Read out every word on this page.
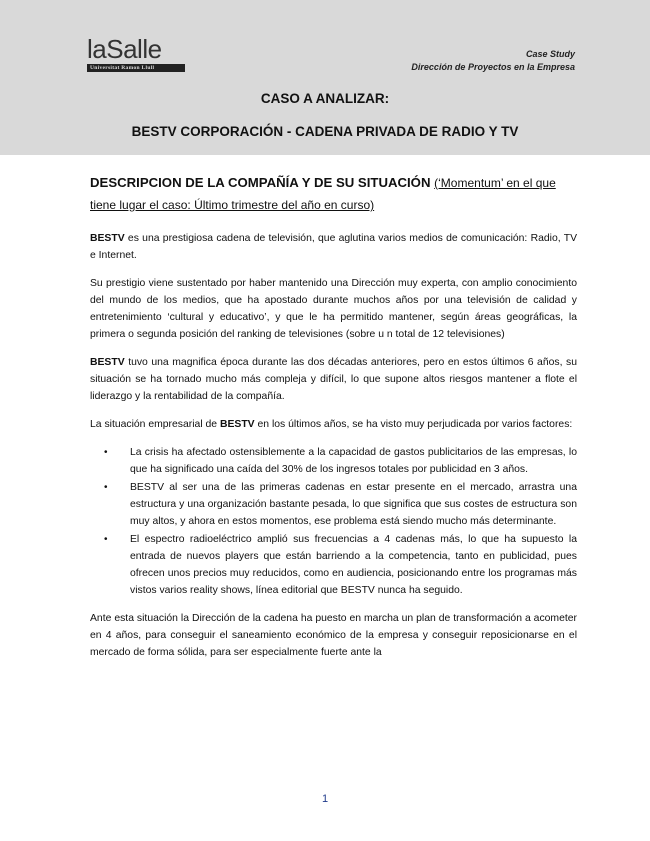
laSalle
Universitat Ramon Llull
Case Study
Dirección de Proyectos en la Empresa
CASO A ANALIZAR:
BESTV CORPORACIÓN - CADENA PRIVADA DE RADIO Y TV
DESCRIPCION DE LA COMPAÑÍA Y DE SU SITUACIÓN (‘Momentum’ en el que tiene lugar el caso: Último trimestre del año en curso)

BESTV es una prestigiosa cadena de televisión, que aglutina varios medios de comunicación: Radio, TV e Internet.

Su prestigio viene sustentado por haber mantenido una Dirección muy experta, con amplio conocimiento del mundo de los medios, que ha apostado durante muchos años por una televisión de calidad y entretenimiento ‘cultural y educativo’, y que le ha permitido mantener, según áreas geográficas, la primera o segunda posición del ranking de televisiones (sobre u n total de 12 televisiones)

BESTV tuvo una magnifica época durante las dos décadas anteriores, pero en estos últimos 6 años, su situación se ha tornado mucho más compleja y difícil, lo que supone altos riesgos mantener a flote el liderazgo y la rentabilidad de la compañía.

La situación empresarial de BESTV en los últimos años, se ha visto muy perjudicada por varios factores:

• La crisis ha afectado ostensiblemente a la capacidad de gastos publicitarios de las empresas, lo que ha significado una caída del 30% de los ingresos totales por publicidad en 3 años.
• BESTV al ser una de las primeras cadenas en estar presente en el mercado, arrastra una estructura y una organización bastante pesada, lo que significa que sus costes de estructura son muy altos, y ahora en estos momentos, ese problema está siendo mucho más determinante.
• El espectro radioeléctrico amplió sus frecuencias a 4 cadenas más, lo que ha supuesto la entrada de nuevos players que están barriendo a la competencia, tanto en publicidad, pues ofrecen unos precios muy reducidos, como en audiencia, posicionando entre los programas más vistos varios reality shows, línea editorial que BESTV nunca ha seguido.

Ante esta situación la Dirección de la cadena ha puesto en marcha un plan de transformación a acometer en 4 años, para conseguir el saneamiento económico de la empresa y conseguir reposicionarse en el mercado de forma sólida, para ser especialmente fuerte ante la

1
